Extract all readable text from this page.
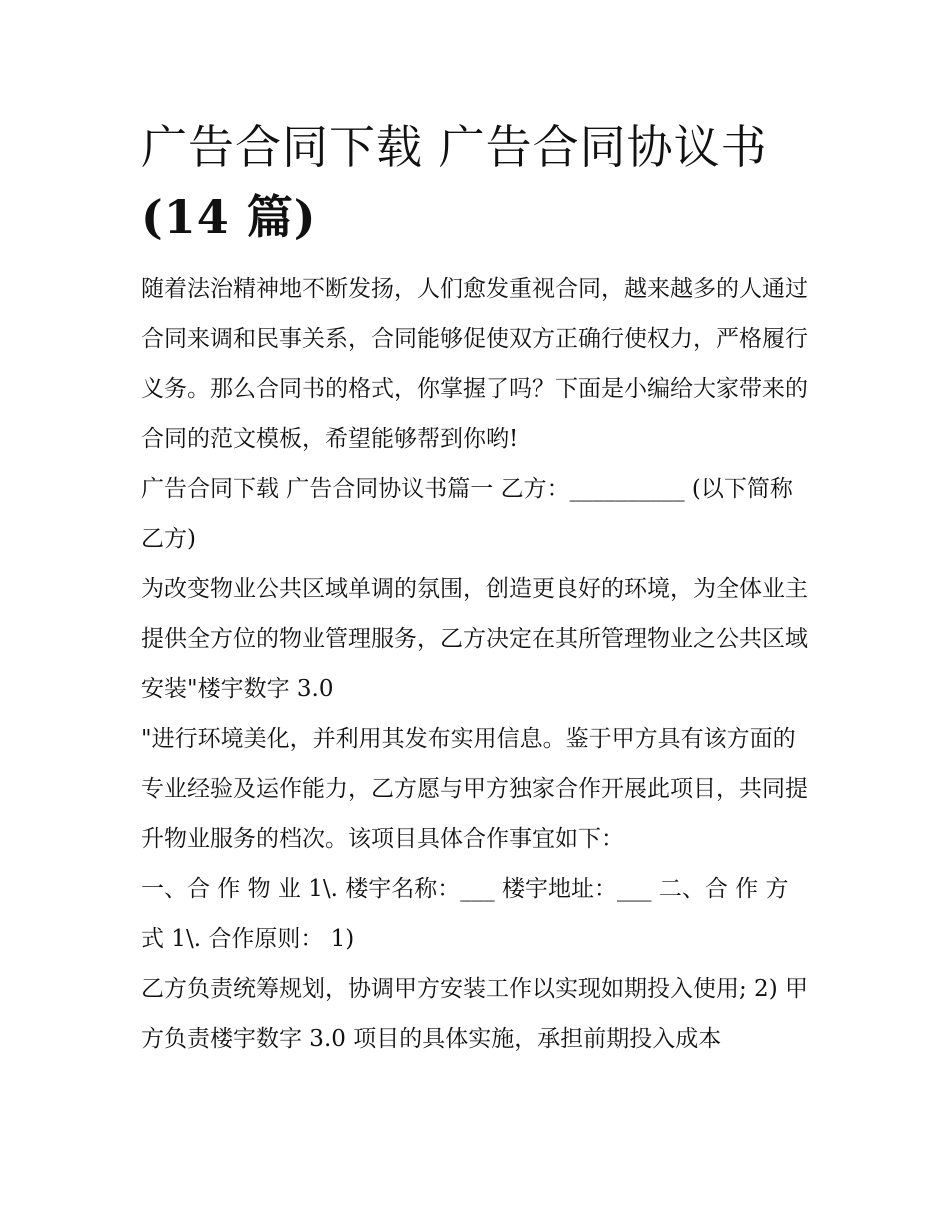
广告合同下载 广告合同协议书
(14 篇)

随着法治精神地不断发扬，人们愈发重视合同，越来越多的人通过合同来调和民事关系，合同能够促使双方正确行使权力，严格履行义务。那么合同书的格式，你掌握了吗？下面是小编给大家带来的合同的范文模板，希望能够帮到你哟!

广告合同下载 广告合同协议书篇一 乙方：__________ (以下简称乙方)

为改变物业公共区域单调的氛围，创造更良好的环境，为全体业主提供全方位的物业管理服务，乙方决定在其所管理物业之公共区域安装"楼宇数字 3.0

"进行环境美化，并利用其发布实用信息。鉴于甲方具有该方面的专业经验及运作能力，乙方愿与甲方独家合作开展此项目，共同提升物业服务的档次。该项目具体合作事宜如下：

一、合 作 物 业 1\. 楼宇名称：___ 楼宇地址：___ 二、合 作 方 式 1\. 合作原则： 1)

乙方负责统筹规划，协调甲方安装工作以实现如期投入使用; 2) 甲方负责楼宇数字 3.0 项目的具体实施，承担前期投入成本
